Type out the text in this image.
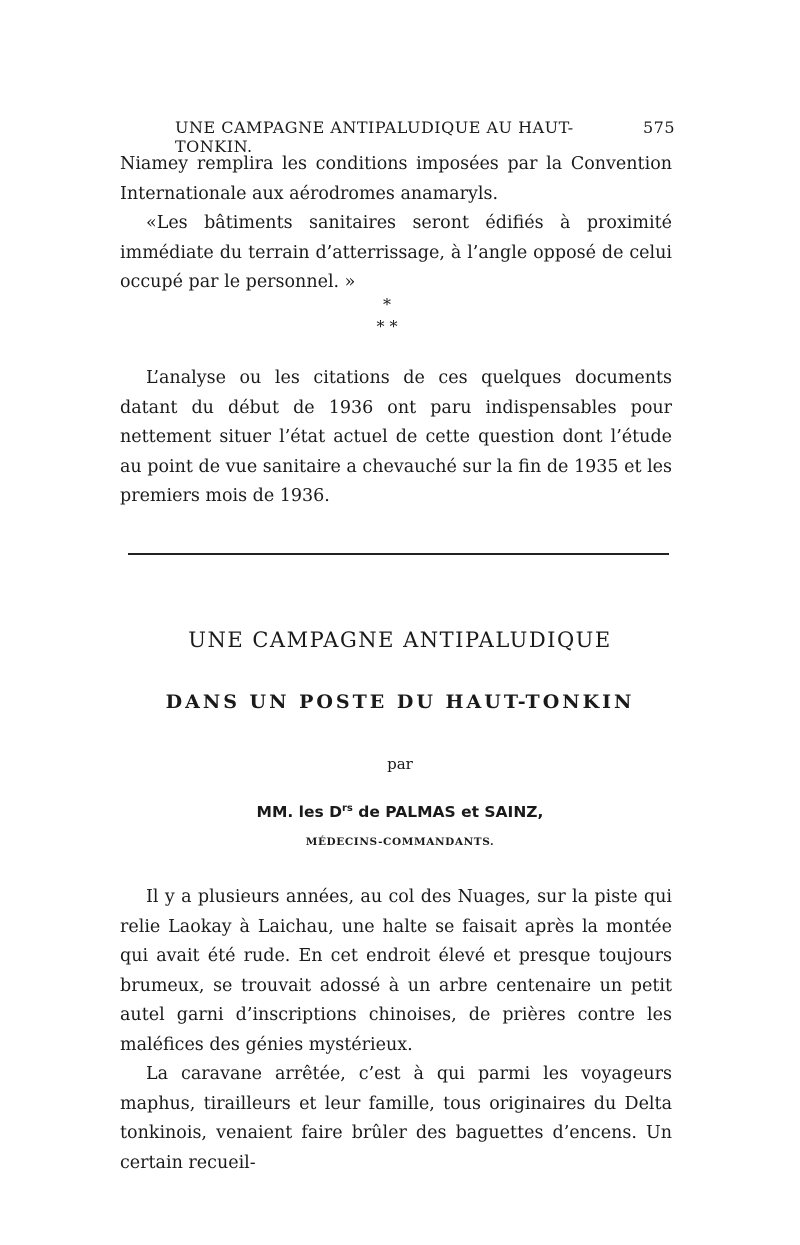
UNE CAMPAGNE ANTIPALUDIQUE AU HAUT-TONKIN.
575

Niamey remplira les conditions imposées par la Convention Internationale aux aérodromes anamaryls.

«Les bâtiments sanitaires seront édifiés à proximité immédiate du terrain d’atterrissage, à l’angle opposé de celui occupé par le personnel. »

*
* *

L’analyse ou les citations de ces quelques documents datant du début de 1936 ont paru indispensables pour nettement situer l’état actuel de cette question dont l’étude au point de vue sanitaire a chevauché sur la fin de 1935 et les premiers mois de 1936.

UNE CAMPAGNE ANTIPALUDIQUE
DANS UN POSTE DU HAUT-TONKIN
par
MM. les $D^{rs}$ de PALMAS et SAINZ,
MÉDECINS-COMMANDANTS.

Il y a plusieurs années, au col des Nuages, sur la piste qui relie Laokay à Laichau, une halte se faisait après la montée qui avait été rude. En cet endroit élevé et presque toujours brumeux, se trouvait adossé à un arbre centenaire un petit autel garni d’inscriptions chinoises, de prières contre les maléfices des génies mystérieux.

La caravane arrêtée, c’est à qui parmi les voyageurs maphus, tirailleurs et leur famille, tous originaires du Delta tonkinois, venaient faire brûler des baguettes d’encens. Un certain recueil-
